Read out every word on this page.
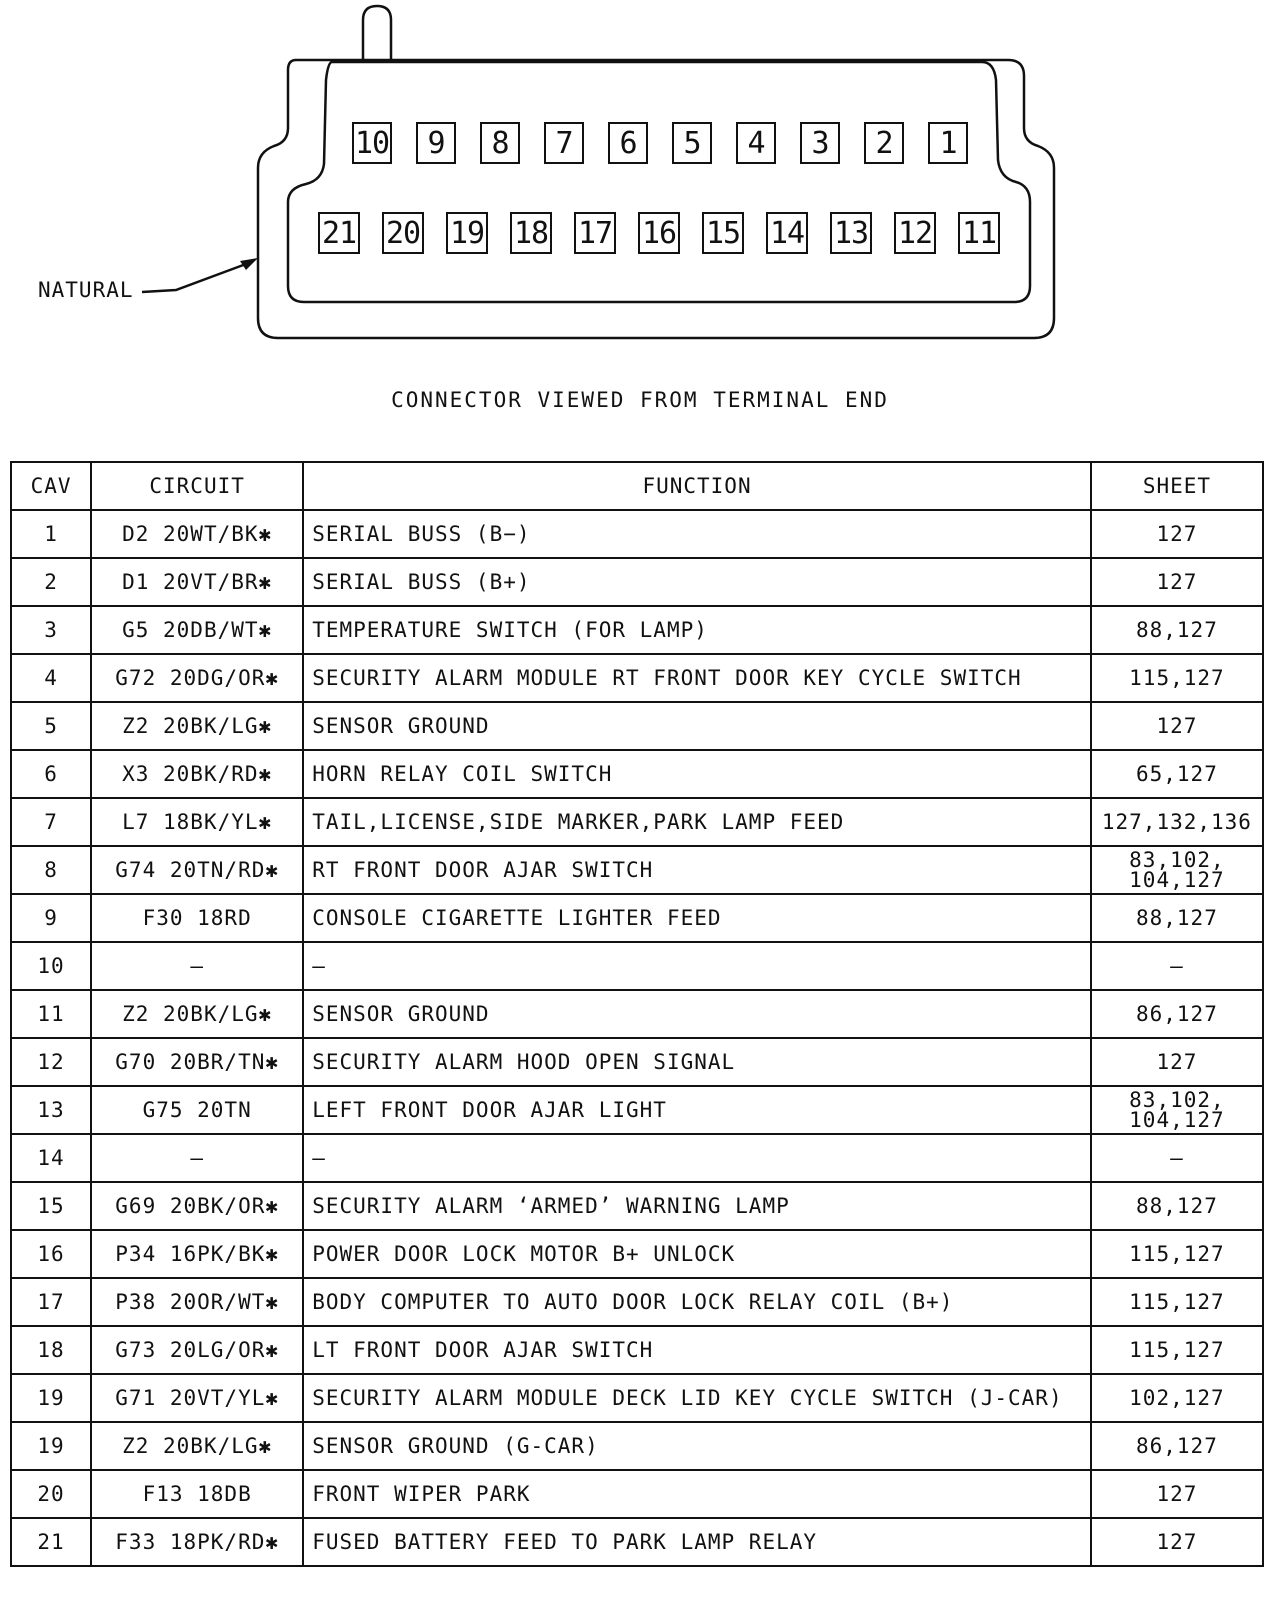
10 9 8 7 6 5 4 3 2 1
21 20 19 18 17 16 15 14 13 12 11
NATURAL
CONNECTOR VIEWED FROM TERMINAL END
CAV	CIRCUIT	FUNCTION	SHEET
1	D2 20WT/BK✱	SERIAL BUSS (B−)	127
2	D1 20VT/BR✱	SERIAL BUSS (B+)	127
3	G5 20DB/WT✱	TEMPERATURE SWITCH (FOR LAMP)	88,127
4	G72 20DG/OR✱	SECURITY ALARM MODULE RT FRONT DOOR KEY CYCLE SWITCH	115,127
5	Z2 20BK/LG✱	SENSOR GROUND	127
6	X3 20BK/RD✱	HORN RELAY COIL SWITCH	65,127
7	L7 18BK/YL✱	TAIL,LICENSE,SIDE MARKER,PARK LAMP FEED	127,132,136
8	G74 20TN/RD✱	RT FRONT DOOR AJAR SWITCH	83,102, 104,127
9	F30 18RD	CONSOLE CIGARETTE LIGHTER FEED	88,127
10	—	—	—
11	Z2 20BK/LG✱	SENSOR GROUND	86,127
12	G70 20BR/TN✱	SECURITY ALARM HOOD OPEN SIGNAL	127
13	G75 20TN	LEFT FRONT DOOR AJAR LIGHT	83,102, 104,127
14	—	—	—
15	G69 20BK/OR✱	SECURITY ALARM ‘ARMED’ WARNING LAMP	88,127
16	P34 16PK/BK✱	POWER DOOR LOCK MOTOR B+ UNLOCK	115,127
17	P38 20OR/WT✱	BODY COMPUTER TO AUTO DOOR LOCK RELAY COIL (B+)	115,127
18	G73 20LG/OR✱	LT FRONT DOOR AJAR SWITCH	115,127
19	G71 20VT/YL✱	SECURITY ALARM MODULE DECK LID KEY CYCLE SWITCH (J-CAR)	102,127
19	Z2 20BK/LG✱	SENSOR GROUND (G-CAR)	86,127
20	F13 18DB	FRONT WIPER PARK	127
21	F33 18PK/RD✱	FUSED BATTERY FEED TO PARK LAMP RELAY	127
